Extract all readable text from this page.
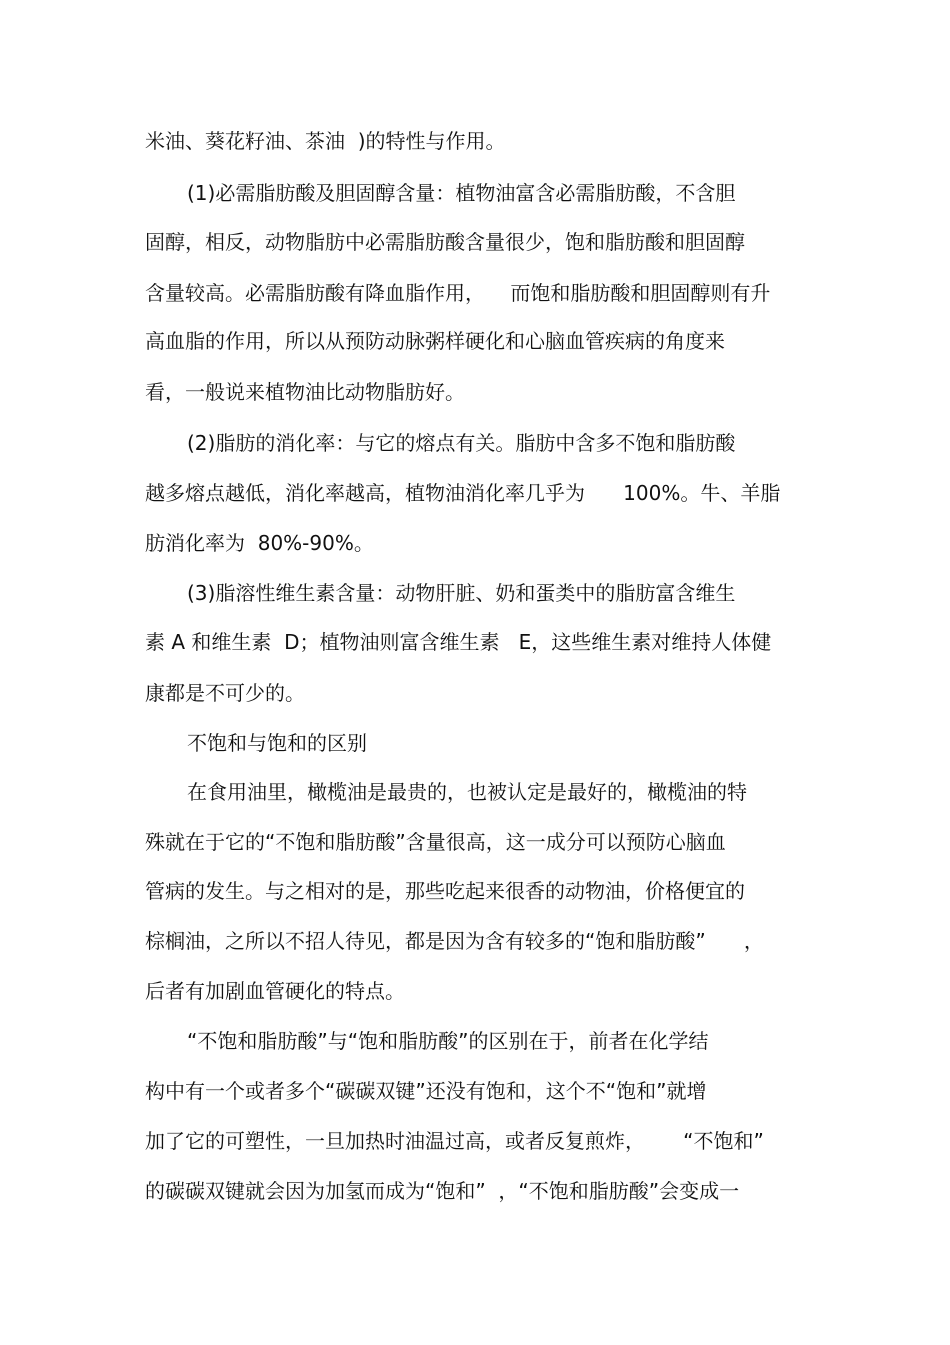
米油、葵花籽油、茶油  )的特性与作用。
(1)必需脂肪酸及胆固醇含量：植物油富含必需脂肪酸，不含胆
固醇，相反，动物脂肪中必需脂肪酸含量很少，饱和脂肪酸和胆固醇
含量较高。必需脂肪酸有降血脂作用，    而饱和脂肪酸和胆固醇则有升
高血脂的作用，所以从预防动脉粥样硬化和心脑血管疾病的角度来
看，一般说来植物油比动物脂肪好。
(2)脂肪的消化率：与它的熔点有关。脂肪中含多不饱和脂肪酸
越多熔点越低，消化率越高，植物油消化率几乎为      100%。牛、羊脂
肪消化率为  80%-90%。
(3)脂溶性维生素含量：动物肝脏、奶和蛋类中的脂肪富含维生
素 A 和维生素  D；植物油则富含维生素   E，这些维生素对维持人体健
康都是不可少的。
不饱和与饱和的区别
在食用油里，橄榄油是最贵的，也被认定是最好的，橄榄油的特
殊就在于它的“不饱和脂肪酸”含量很高，这一成分可以预防心脑血
管病的发生。与之相对的是，那些吃起来很香的动物油，价格便宜的
棕榈油，之所以不招人待见，都是因为含有较多的“饱和脂肪酸”      ，
后者有加剧血管硬化的特点。
“不饱和脂肪酸”与“饱和脂肪酸”的区别在于，前者在化学结
构中有一个或者多个“碳碳双键”还没有饱和，这个不“饱和”就增
加了它的可塑性，一旦加热时油温过高，或者反复煎炸，      “不饱和”
的碳碳双键就会因为加氢而成为“饱和”  ，“不饱和脂肪酸”会变成一
